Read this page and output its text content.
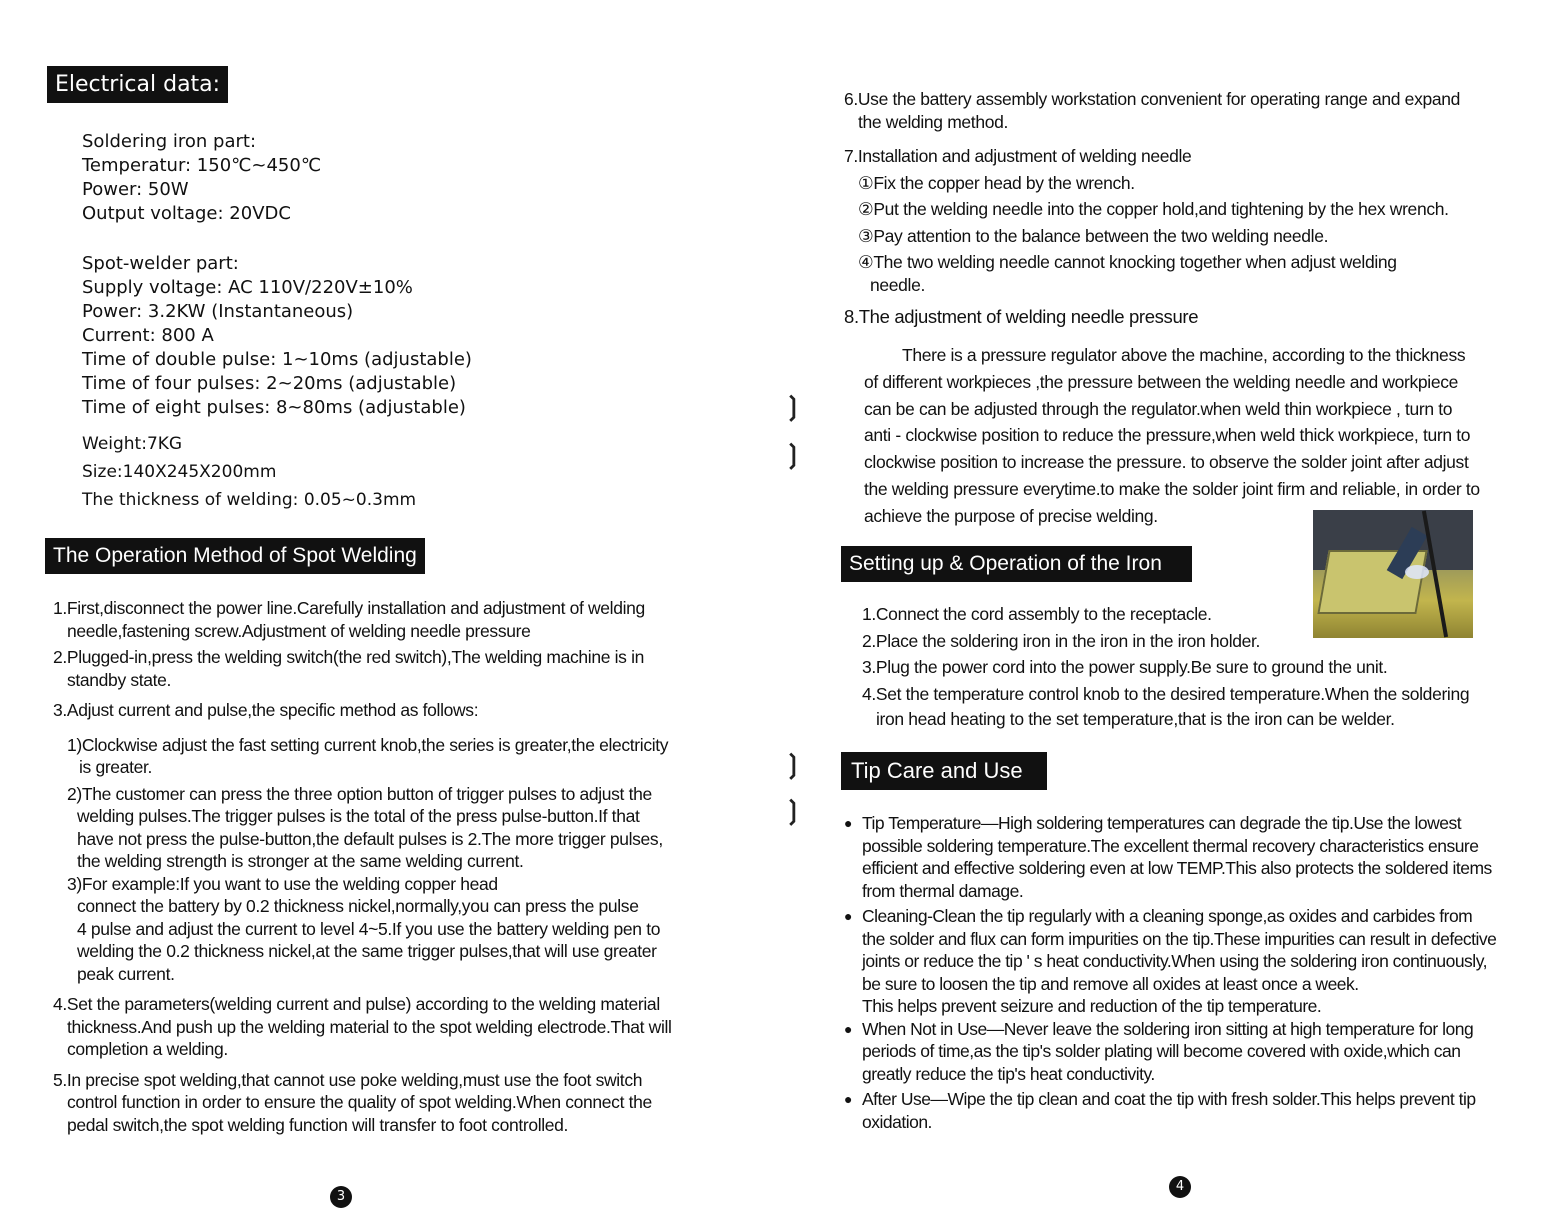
Electrical data:
Soldering iron part:
Temperatur: 150℃~450℃
Power: 50W
Output voltage: 20VDC
Spot-welder part:
Supply voltage: AC 110V/220V±10%
Power: 3.2KW (Instantaneous)
Current: 800 A
Time of double pulse: 1~10ms (adjustable)
Time of four pulses: 2~20ms (adjustable)
Time of eight pulses: 8~80ms (adjustable)
Weight:7KG
Size:140X245X200mm
The thickness of welding: 0.05~0.3mm
The Operation Method of Spot Welding

1.First,disconnect the power line.Carefully installation and adjustment of welding

needle,fastening screw.Adjustment of welding needle pressure

2.Plugged-in,press the welding switch(the red switch),The welding machine is in

standby state.

3.Adjust current and pulse,the specific method as follows:

1)Clockwise adjust the fast setting current knob,the series is greater,the electricity

is greater.

2)The customer can press the three option button of trigger pulses to adjust the

welding pulses.The trigger pulses is the total of the press pulse-button.If that

have not press the pulse-button,the default pulses is 2.The more trigger pulses,

the welding strength is stronger at the same welding current.

3)For example:If you want to use the welding copper head

connect the battery by 0.2 thickness nickel,normally,you can press the pulse

4 pulse and adjust the current to level 4~5.If you use the battery welding pen to

welding the 0.2 thickness nickel,at the same trigger pulses,that will use greater

peak current.

4.Set the parameters(welding current and pulse) according to the welding material

thickness.And push up the welding material to the spot welding electrode.That will

completion a welding.

5.In precise spot welding,that cannot use poke welding,must use the foot switch

control function in order to ensure the quality of spot welding.When connect the

pedal switch,the spot welding function will transfer to foot controlled.

3
❳
❳
❳
❳

6.Use the battery assembly workstation convenient for operating range and expand

the welding method.

7.Installation and adjustment of welding needle

①Fix the copper head by the wrench.

②Put the welding needle into the copper hold,and tightening by the hex wrench.

③Pay attention to the balance between the two welding needle.

④The two welding needle cannot knocking together when adjust welding

needle.

8.The adjustment of welding needle pressure

There is a pressure regulator above the machine, according to the thickness

of different workpieces ,the pressure between the welding needle and workpiece

can be can be adjusted through the regulator.when weld thin workpiece , turn to

anti - clockwise position to reduce the pressure,when weld thick workpiece, turn to

clockwise position to increase the pressure. to observe the solder joint after adjust

the welding pressure everytime.to make the solder joint firm and reliable, in order to

achieve the purpose of precise welding.

Setting up & Operation of the Iron

1.Connect the cord assembly to the receptacle.

2.Place the soldering iron in the iron in the iron holder.

3.Plug the power cord into the power supply.Be sure to ground the unit.

4.Set the temperature control knob to the desired temperature.When the soldering

iron head heating to the set temperature,that is the iron can be welder.

Tip Care and Use

● Tip Temperature—High soldering temperatures can degrade the tip.Use the lowest

possible soldering temperature.The excellent thermal recovery characteristics ensure

efficient and effective soldering even at low TEMP.This also protects the soldered items

from thermal damage.

● Cleaning-Clean the tip regularly with a cleaning sponge,as oxides and carbides from

the solder and flux can form impurities on the tip.These impurities can result in defective

joints or reduce the tip ' s heat conductivity.When using the soldering iron continuously,

be sure to loosen the tip and remove all oxides at least once a week.

This helps prevent seizure and reduction of the tip temperature.

● When Not in Use—Never leave the soldering iron sitting at high temperature for long

periods of time,as the tip's solder plating will become covered with oxide,which can

greatly reduce the tip's heat conductivity.

● After Use—Wipe the tip clean and coat the tip with fresh solder.This helps prevent tip

oxidation.

4
